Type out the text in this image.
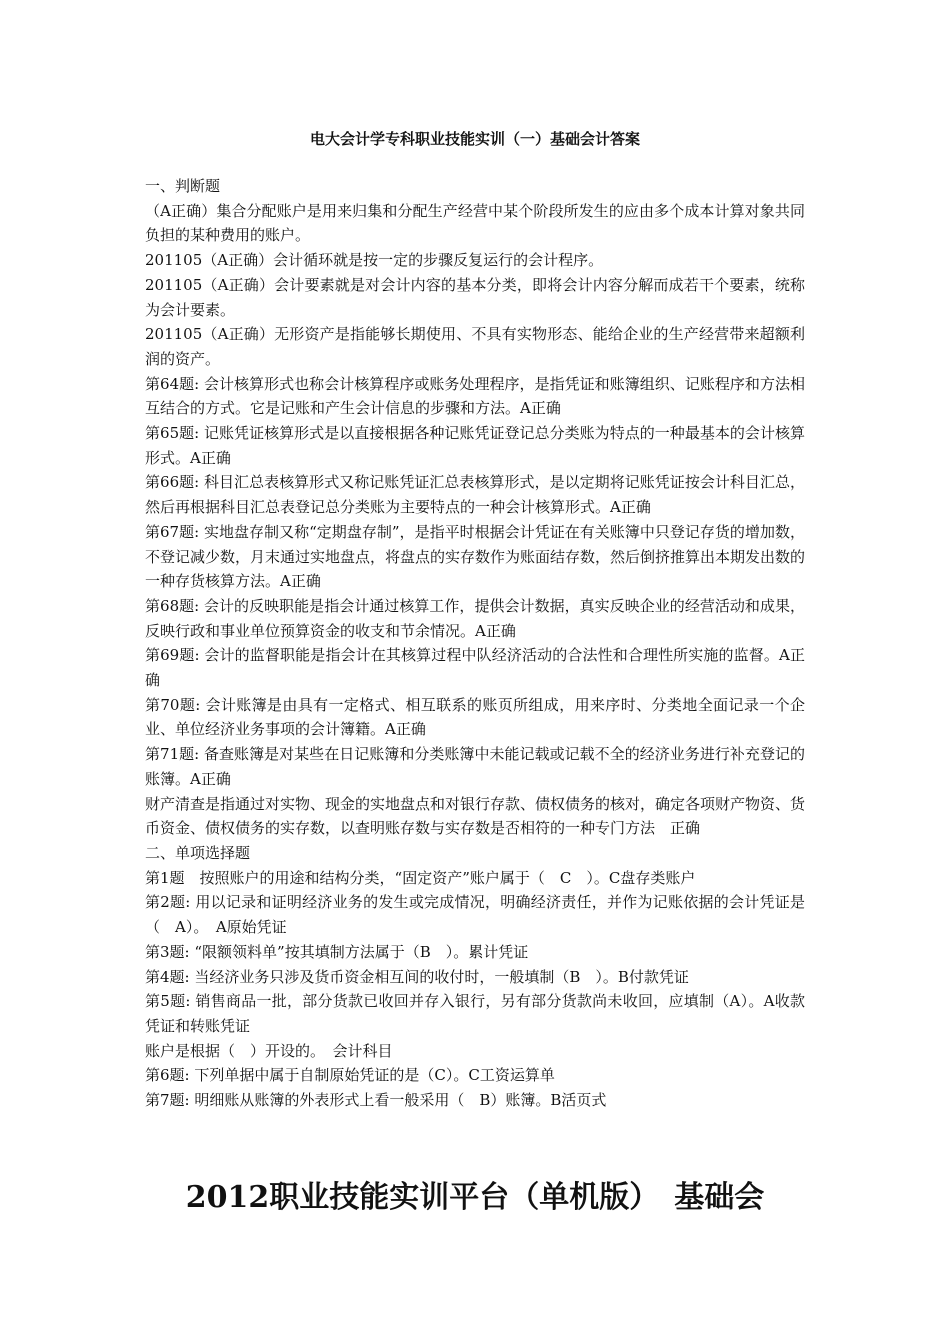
电大会计学专科职业技能实训（一）基础会计答案

一、判断题

（A正确）集合分配账户是用来归集和分配生产经营中某个阶段所发生的应由多个成本计算对象共同负担的某种费用的账户。

201105（A正确）会计循环就是按一定的步骤反复运行的会计程序。

201105（A正确）会计要素就是对会计内容的基本分类，即将会计内容分解而成若干个要素，统称为会计要素。

201105（A正确）无形资产是指能够长期使用、不具有实物形态、能给企业的生产经营带来超额利润的资产。

第64题: 会计核算形式也称会计核算程序或账务处理程序，是指凭证和账簿组织、记账程序和方法相互结合的方式。它是记账和产生会计信息的步骤和方法。A正确

第65题: 记账凭证核算形式是以直接根据各种记账凭证登记总分类账为特点的一种最基本的会计核算形式。A正确

第66题: 科目汇总表核算形式又称记账凭证汇总表核算形式，是以定期将记账凭证按会计科目汇总，然后再根据科目汇总表登记总分类账为主要特点的一种会计核算形式。A正确

第67题: 实地盘存制又称“定期盘存制”，是指平时根据会计凭证在有关账簿中只登记存货的增加数，不登记减少数，月末通过实地盘点，将盘点的实存数作为账面结存数，然后倒挤推算出本期发出数的一种存货核算方法。A正确

第68题: 会计的反映职能是指会计通过核算工作，提供会计数据，真实反映企业的经营活动和成果，反映行政和事业单位预算资金的收支和节余情况。A正确

第69题: 会计的监督职能是指会计在其核算过程中队经济活动的合法性和合理性所实施的监督。A正确

第70题: 会计账簿是由具有一定格式、相互联系的账页所组成，用来序时、分类地全面记录一个企业、单位经济业务事项的会计簿籍。A正确

第71题: 备查账簿是对某些在日记账簿和分类账簿中未能记载或记载不全的经济业务进行补充登记的账簿。A正确

财产清查是指通过对实物、现金的实地盘点和对银行存款、债权债务的核对，确定各项财产物资、货币资金、债权债务的实存数，以查明账存数与实存数是否相符的一种专门方法　正确

二、单项选择题

第1题　按照账户的用途和结构分类，“固定资产”账户属于（　C　）。C盘存类账户

第2题: 用以记录和证明经济业务的发生或完成情况，明确经济责任，并作为记账依据的会计凭证是（　A）。　A原始凭证

第3题: “限额领料单”按其填制方法属于（B　）。累计凭证

第4题: 当经济业务只涉及货币资金相互间的收付时，一般填制（B　）。B付款凭证

第5题: 销售商品一批，部分货款已收回并存入银行，另有部分货款尚未收回，应填制（A）。A收款凭证和转账凭证

账户是根据（　）开设的。　会计科目

第6题: 下列单据中属于自制原始凭证的是（C）。C工资运算单

第7题: 明细账从账簿的外表形式上看一般采用（　B）账簿。B活页式

2012职业技能实训平台（单机版）　基础会
